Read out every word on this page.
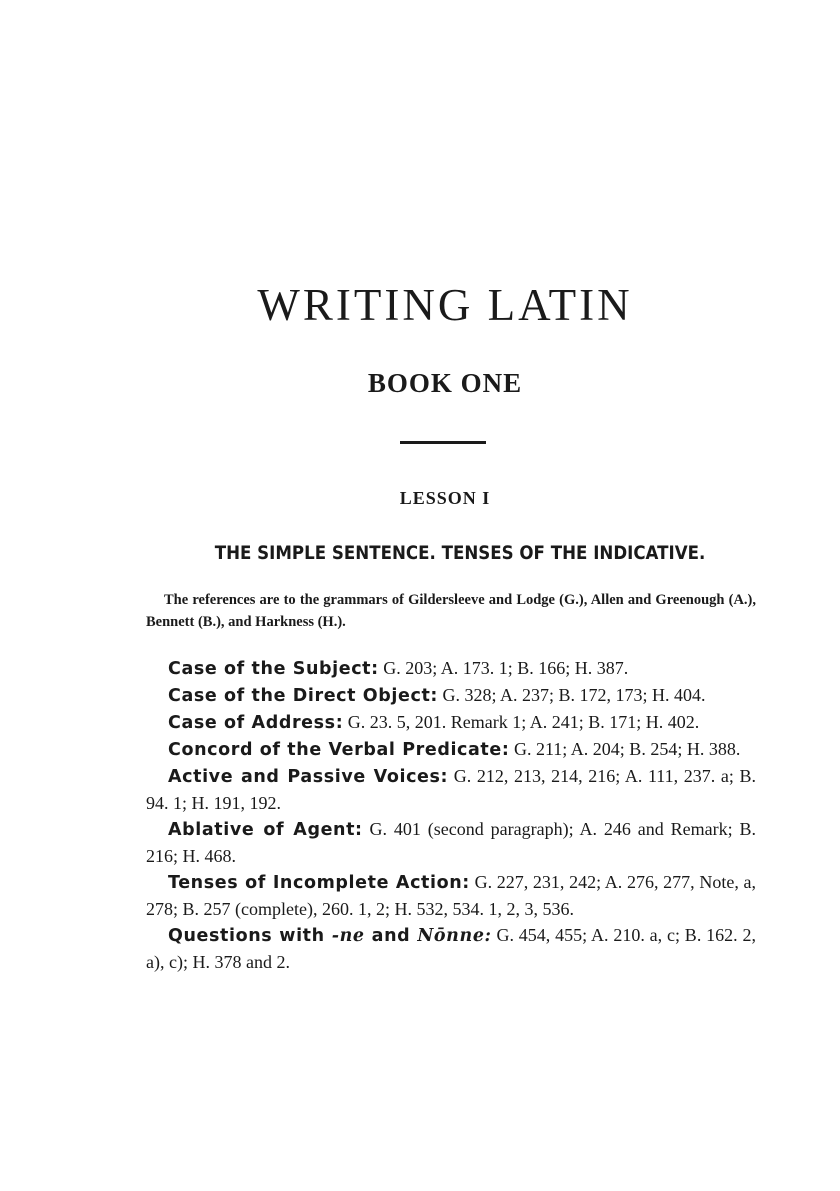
WRITING LATIN
BOOK ONE
LESSON I
THE SIMPLE SENTENCE. TENSES OF THE INDICATIVE.

The references are to the grammars of Gildersleeve and Lodge (G.), Allen and Greenough (A.), Bennett (B.), and Harkness (H.).

Case of the Subject: G. 203; A. 173. 1; B. 166; H. 387.

Case of the Direct Object: G. 328; A. 237; B. 172, 173; H. 404.

Case of Address: G. 23. 5, 201. Remark 1; A. 241; B. 171; H. 402.

Concord of the Verbal Predicate: G. 211; A. 204; B. 254; H. 388.

Active and Passive Voices: G. 212, 213, 214, 216; A. 111, 237. a; B. 94. 1; H. 191, 192.

Ablative of Agent: G. 401 (second paragraph); A. 246 and Remark; B. 216; H. 468.

Tenses of Incomplete Action: G. 227, 231, 242; A. 276, 277, Note, a, 278; B. 257 (complete), 260. 1, 2; H. 532, 534. 1, 2, 3, 536.

Questions with -ne and Nōnne: G. 454, 455; A. 210. a, c; B. 162. 2, a), c); H. 378 and 2.
